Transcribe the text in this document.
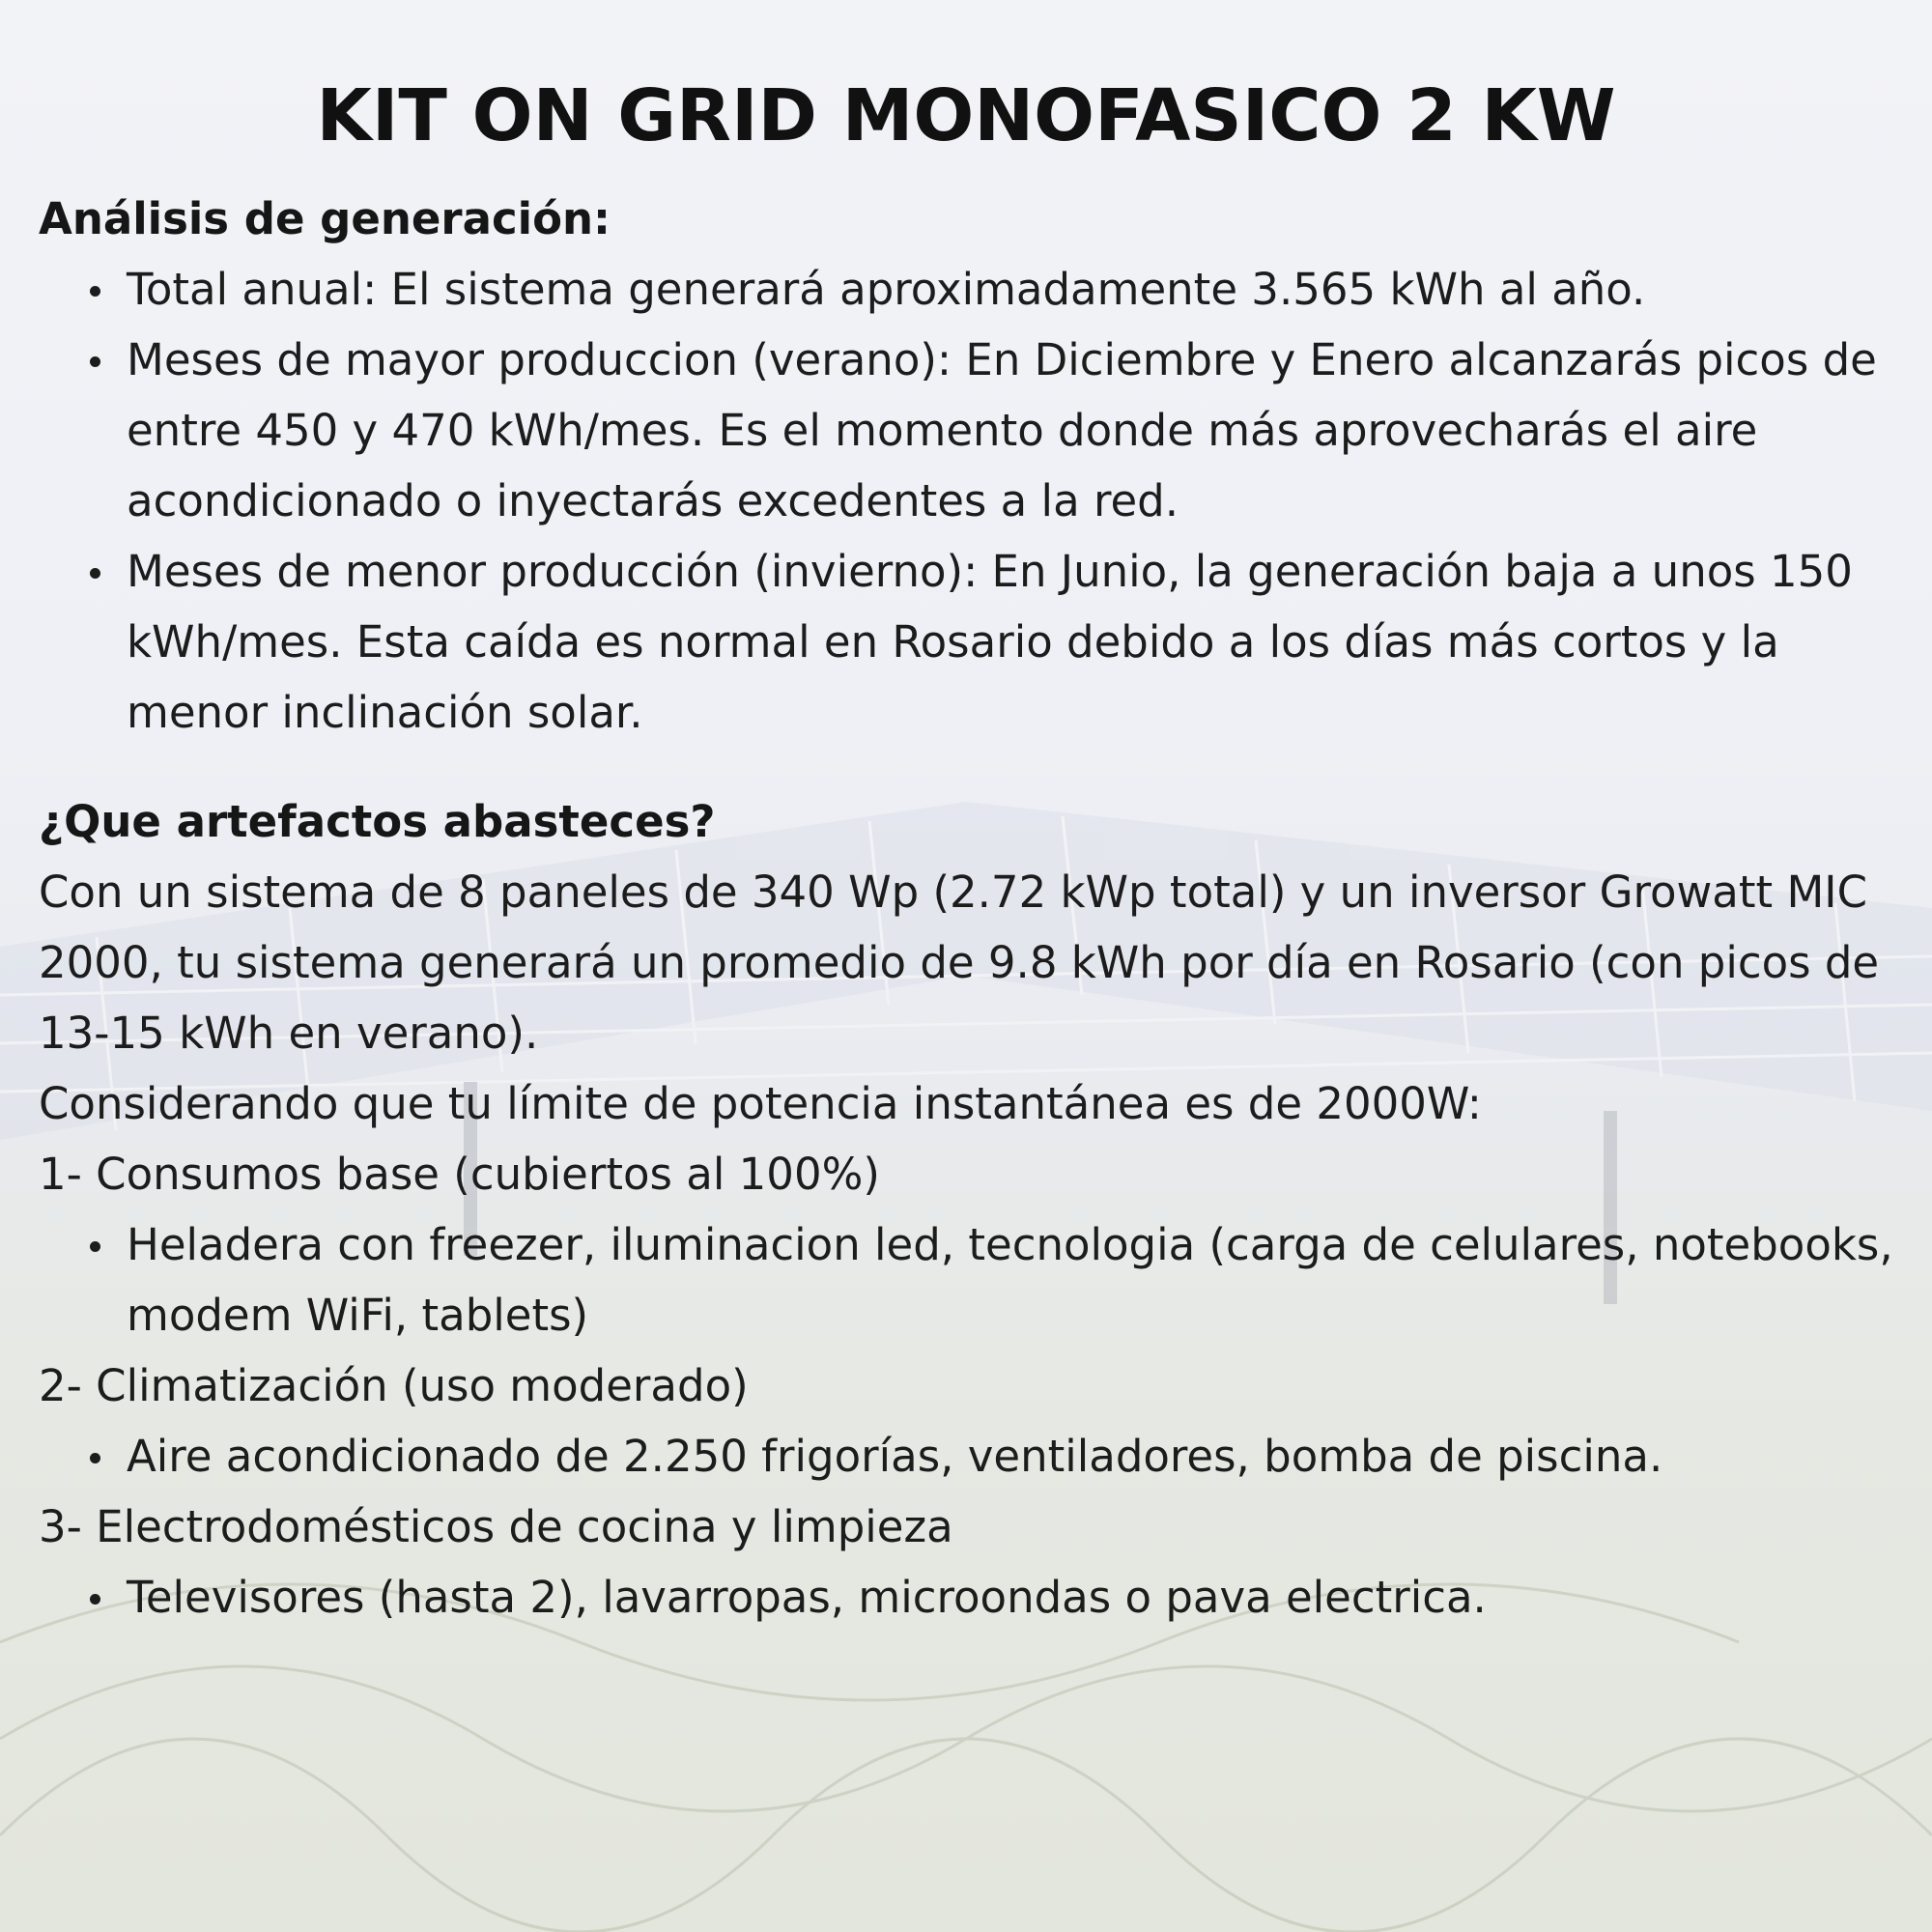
KIT ON GRID MONOFASICO 2 KW
Análisis de generación:
Total anual: El sistema generará aproximadamente 3.565 kWh al año.
Meses de mayor produccion (verano): En Diciembre y Enero alcanzarás picos de entre 450 y 470 kWh/mes. Es el momento donde más aprovecharás el aire acondicionado o inyectarás excedentes a la red.
Meses de menor producción (invierno): En Junio, la generación baja a unos 150 kWh/mes. Esta caída es normal en Rosario debido a los días más cortos y la menor inclinación solar.
¿Que artefactos abasteces?
Con un sistema de 8 paneles de 340 Wp (2.72 kWp total) y un inversor Growatt MIC 2000, tu sistema generará un promedio de 9.8 kWh por día en Rosario (con picos de 13-15 kWh en verano).
Considerando que tu límite de potencia instantánea es de 2000W:
1- Consumos base (cubiertos al 100%)
Heladera con freezer, iluminacion led, tecnologia (carga de celulares, notebooks, modem WiFi, tablets)
2- Climatización (uso moderado)
Aire acondicionado de 2.250 frigorías, ventiladores, bomba de piscina.
3- Electrodomésticos de cocina y limpieza
Televisores (hasta 2), lavarropas, microondas o pava electrica.
